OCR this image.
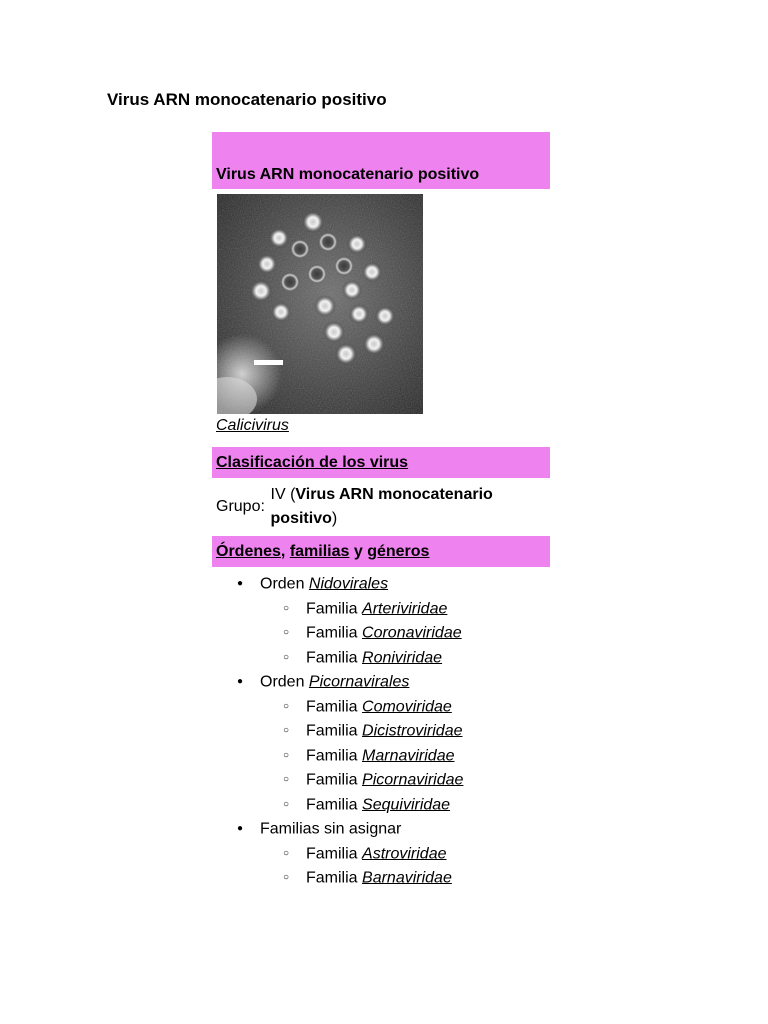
Virus ARN monocatenario positivo
Virus ARN monocatenario positivo
Calicivirus
Clasificación de los virus
Grupo:
IV (Virus ARN monocatenario positivo)
Órdenes, familias y géneros
● Orden Nidovirales
○ Familia Arteriviridae
○ Familia Coronaviridae
○ Familia Roniviridae
● Orden Picornavirales
○ Familia Comoviridae
○ Familia Dicistroviridae
○ Familia Marnaviridae
○ Familia Picornaviridae
○ Familia Sequiviridae
● Familias sin asignar
○ Familia Astroviridae
○ Familia Barnaviridae
